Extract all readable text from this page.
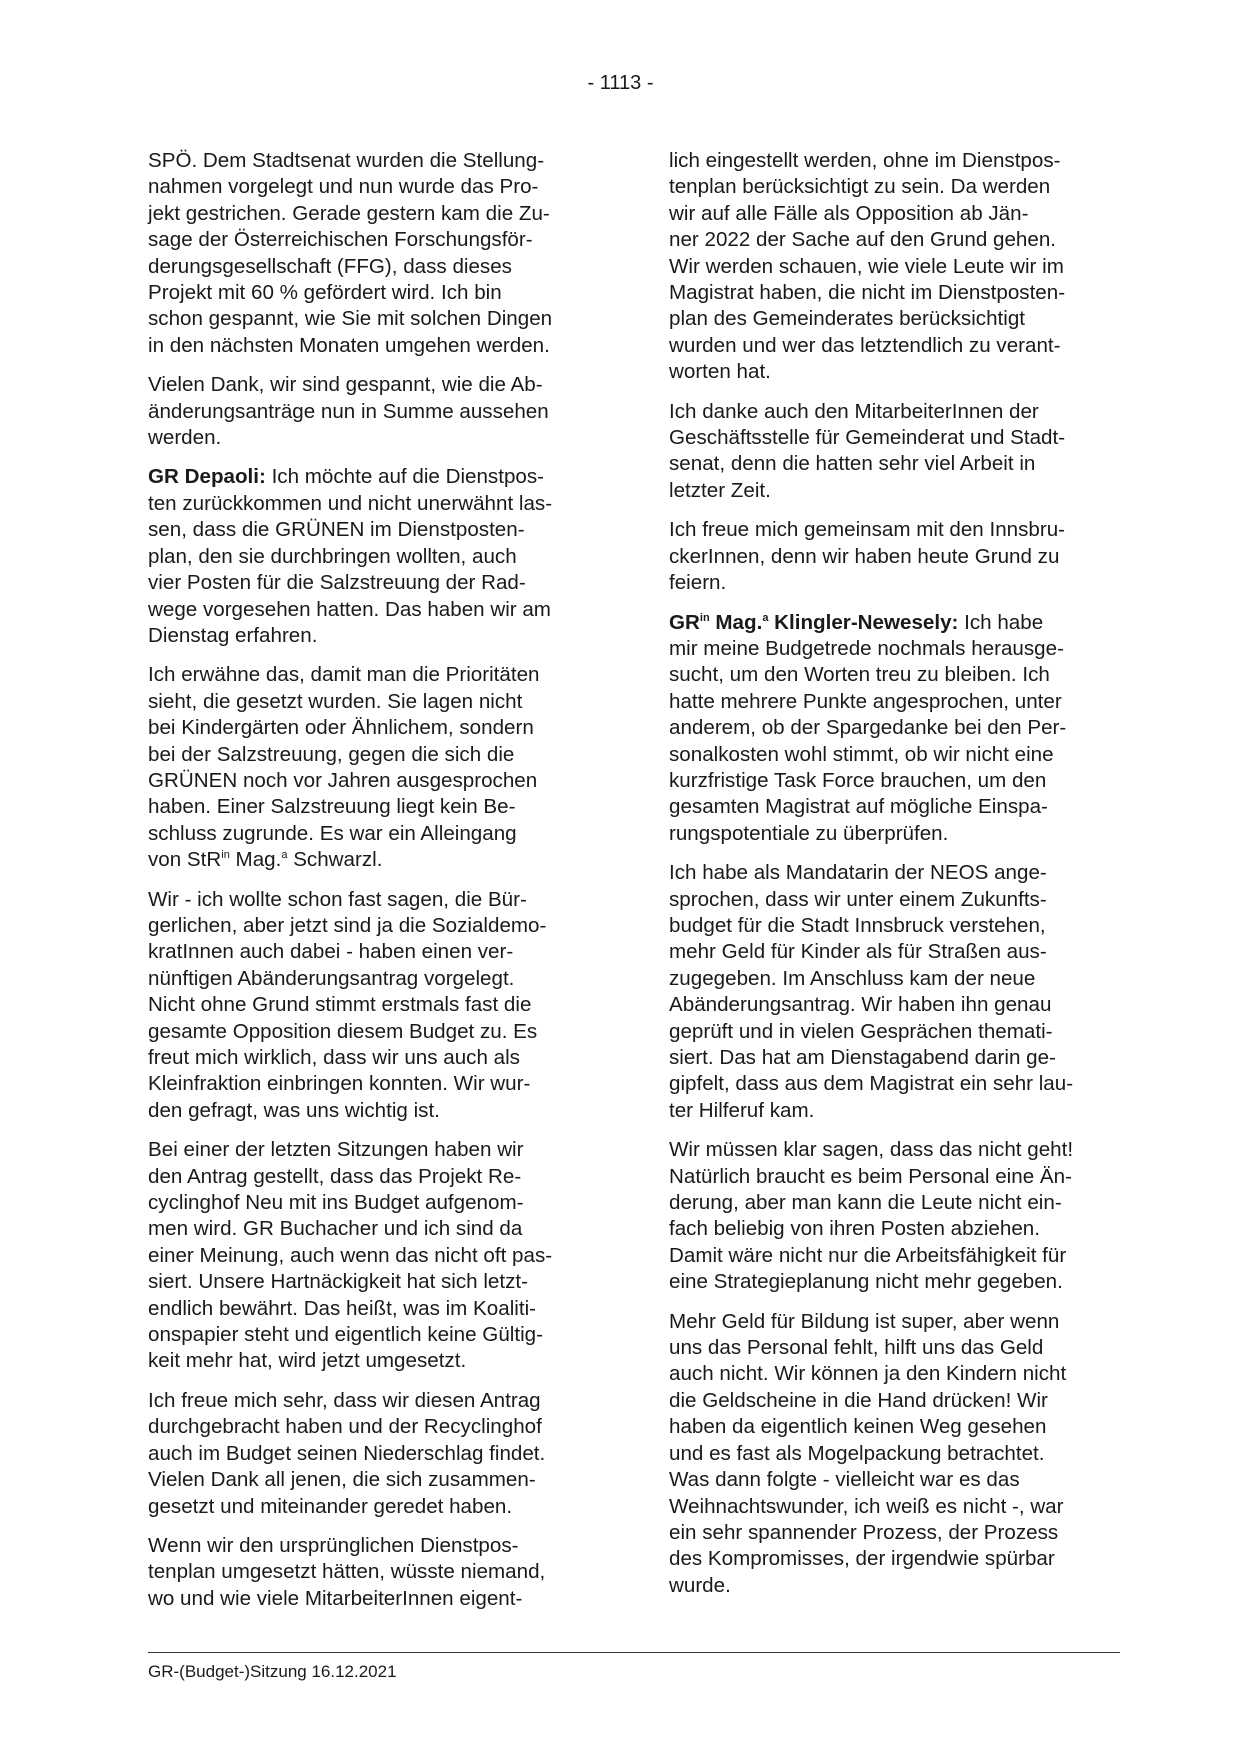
- 1113 -

SPÖ. Dem Stadtsenat wurden die Stellung-
nahmen vorgelegt und nun wurde das Pro-
jekt gestrichen. Gerade gestern kam die Zu-
sage der Österreichischen Forschungsför-
derungsgesellschaft (FFG), dass dieses
Projekt mit 60 % gefördert wird. Ich bin
schon gespannt, wie Sie mit solchen Dingen
in den nächsten Monaten umgehen werden.

Vielen Dank, wir sind gespannt, wie die Ab-
änderungsanträge nun in Summe aussehen
werden.

GR Depaoli: Ich möchte auf die Dienstpos-
ten zurückkommen und nicht unerwähnt las-
sen, dass die GRÜNEN im Dienstposten-
plan, den sie durchbringen wollten, auch
vier Posten für die Salzstreuung der Rad-
wege vorgesehen hatten. Das haben wir am
Dienstag erfahren.

Ich erwähne das, damit man die Prioritäten
sieht, die gesetzt wurden. Sie lagen nicht
bei Kindergärten oder Ähnlichem, sondern
bei der Salzstreuung, gegen die sich die
GRÜNEN noch vor Jahren ausgesprochen
haben. Einer Salzstreuung liegt kein Be-
schluss zugrunde. Es war ein Alleingang
von StR$^{in}$ Mag.$^a$ Schwarzl.

Wir - ich wollte schon fast sagen, die Bür-
gerlichen, aber jetzt sind ja die Sozialdemo-
kratInnen auch dabei - haben einen ver-
nünftigen Abänderungsantrag vorgelegt.
Nicht ohne Grund stimmt erstmals fast die
gesamte Opposition diesem Budget zu. Es
freut mich wirklich, dass wir uns auch als
Kleinfraktion einbringen konnten. Wir wur-
den gefragt, was uns wichtig ist.

Bei einer der letzten Sitzungen haben wir
den Antrag gestellt, dass das Projekt Re-
cyclinghof Neu mit ins Budget aufgenom-
men wird. GR Buchacher und ich sind da
einer Meinung, auch wenn das nicht oft pas-
siert. Unsere Hartnäckigkeit hat sich letzt-
endlich bewährt. Das heißt, was im Koaliti-
onspapier steht und eigentlich keine Gültig-
keit mehr hat, wird jetzt umgesetzt.

Ich freue mich sehr, dass wir diesen Antrag
durchgebracht haben und der Recyclinghof
auch im Budget seinen Niederschlag findet.
Vielen Dank all jenen, die sich zusammen-
gesetzt und miteinander geredet haben.

Wenn wir den ursprünglichen Dienstpos-
tenplan umgesetzt hätten, wüsste niemand,
wo und wie viele MitarbeiterInnen eigent-

lich eingestellt werden, ohne im Dienstpos-
tenplan berücksichtigt zu sein. Da werden
wir auf alle Fälle als Opposition ab Jän-
ner 2022 der Sache auf den Grund gehen.
Wir werden schauen, wie viele Leute wir im
Magistrat haben, die nicht im Dienstposten-
plan des Gemeinderates berücksichtigt
wurden und wer das letztendlich zu verant-
worten hat.

Ich danke auch den MitarbeiterInnen der
Geschäftsstelle für Gemeinderat und Stadt-
senat, denn die hatten sehr viel Arbeit in
letzter Zeit.

Ich freue mich gemeinsam mit den Innsbru-
ckerInnen, denn wir haben heute Grund zu
feiern.

$GR^{in}$ Mag.$^a$ Klingler-Newesely: Ich habe
mir meine Budgetrede nochmals herausge-
sucht, um den Worten treu zu bleiben. Ich
hatte mehrere Punkte angesprochen, unter
anderem, ob der Spargedanke bei den Per-
sonalkosten wohl stimmt, ob wir nicht eine
kurzfristige Task Force brauchen, um den
gesamten Magistrat auf mögliche Einspa-
rungspotentiale zu überprüfen.

Ich habe als Mandatarin der NEOS ange-
sprochen, dass wir unter einem Zukunfts-
budget für die Stadt Innsbruck verstehen,
mehr Geld für Kinder als für Straßen aus-
zugegeben. Im Anschluss kam der neue
Abänderungsantrag. Wir haben ihn genau
geprüft und in vielen Gesprächen themati-
siert. Das hat am Dienstagabend darin ge-
gipfelt, dass aus dem Magistrat ein sehr lau-
ter Hilferuf kam.

Wir müssen klar sagen, dass das nicht geht!
Natürlich braucht es beim Personal eine Än-
derung, aber man kann die Leute nicht ein-
fach beliebig von ihren Posten abziehen.
Damit wäre nicht nur die Arbeitsfähigkeit für
eine Strategieplanung nicht mehr gegeben.

Mehr Geld für Bildung ist super, aber wenn
uns das Personal fehlt, hilft uns das Geld
auch nicht. Wir können ja den Kindern nicht
die Geldscheine in die Hand drücken! Wir
haben da eigentlich keinen Weg gesehen
und es fast als Mogelpackung betrachtet.
Was dann folgte - vielleicht war es das
Weihnachtswunder, ich weiß es nicht -, war
ein sehr spannender Prozess, der Prozess
des Kompromisses, der irgendwie spürbar
wurde.

GR-(Budget-)Sitzung 16.12.2021
